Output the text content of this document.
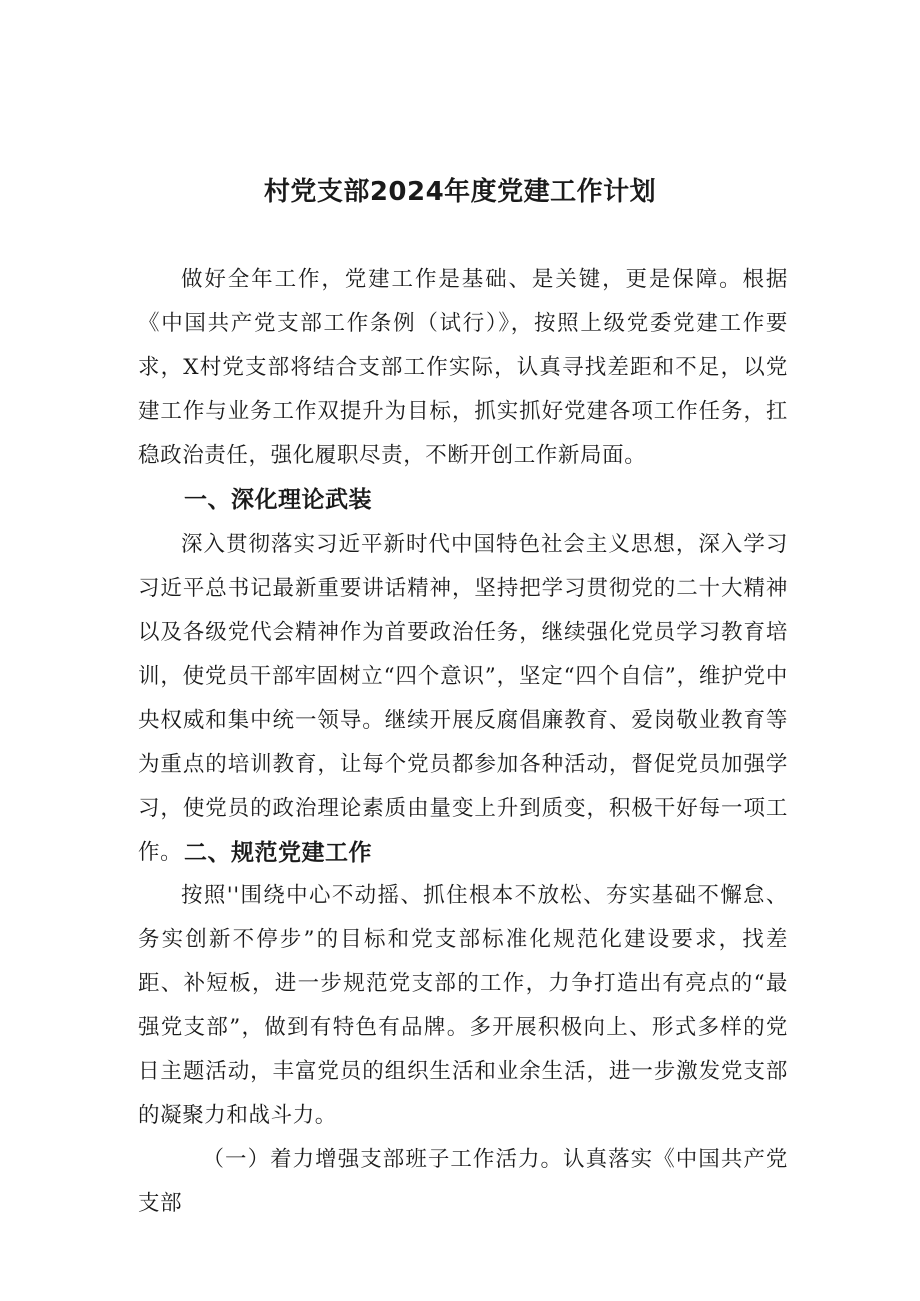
村党支部2024年度党建工作计划

做好全年工作，党建工作是基础、是关键，更是保障。根据《中国共产党支部工作条例（试行）》，按照上级党委党建工作要求，X村党支部将结合支部工作实际，认真寻找差距和不足，以党建工作与业务工作双提升为目标，抓实抓好党建各项工作任务，扛稳政治责任，强化履职尽责，不断开创工作新局面。

一、深化理论武装

深入贯彻落实习近平新时代中国特色社会主义思想，深入学习习近平总书记最新重要讲话精神，坚持把学习贯彻党的二十大精神以及各级党代会精神作为首要政治任务，继续强化党员学习教育培训，使党员干部牢固树立“四个意识”，坚定“四个自信”，维护党中央权威和集中统一领导。继续开展反腐倡廉教育、爱岗敬业教育等为重点的培训教育，让每个党员都参加各种活动，督促党员加强学习，使党员的政治理论素质由量变上升到质变，积极干好每一项工作。 二、规范党建工作

按照''围绕中心不动摇、抓住根本不放松、夯实基础不懈怠、务实创新不停步”的目标和党支部标准化规范化建设要求，找差距、补短板，进一步规范党支部的工作，力争打造出有亮点的“最强党支部”，做到有特色有品牌。多开展积极向上、形式多样的党日主题活动，丰富党员的组织生活和业余生活，进一步激发党支部的凝聚力和战斗力。

（一）着力增强支部班子工作活力。认真落实《中国共产党支部
